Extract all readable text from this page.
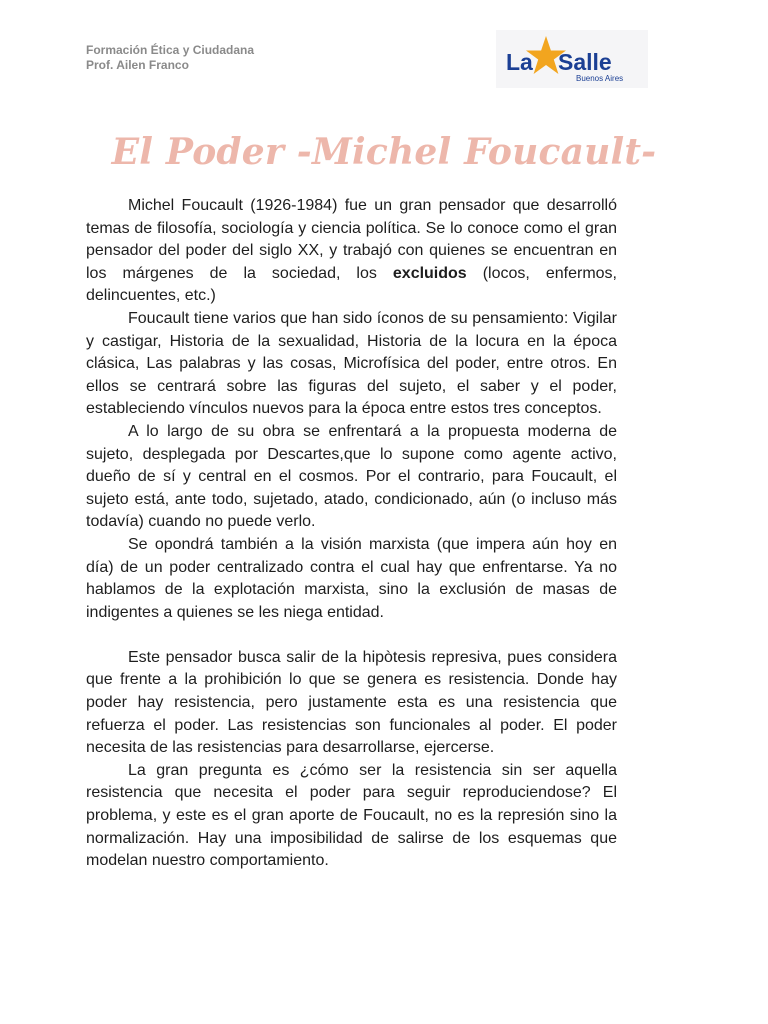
Formación Ética y Ciudadana
Prof. Ailen Franco	La Salle
Buenos Aires
El Poder -Michel Foucault-

Michel Foucault (1926-1984) fue un gran pensador que desarrolló temas de filosofía, sociología y ciencia política. Se lo conoce como el gran pensador del poder del siglo XX, y trabajó con quienes se encuentran en los márgenes de la sociedad, los excluidos (locos, enfermos, delincuentes, etc.)

Foucault tiene varios que han sido íconos de su pensamiento: Vigilar y castigar, Historia de la sexualidad, Historia de la locura en la época clásica, Las palabras y las cosas, Microfísica del poder, entre otros. En ellos se centrará sobre las figuras del sujeto, el saber y el poder, estableciendo vínculos nuevos para la época entre estos tres conceptos.

A lo largo de su obra se enfrentará a la propuesta moderna de sujeto, desplegada por Descartes,que lo supone como agente activo, dueño de sí y central en el cosmos. Por el contrario, para Foucault, el sujeto está, ante todo, sujetado, atado, condicionado, aún (o incluso más todavía) cuando no puede verlo.

Se opondrá también a la visión marxista (que impera aún hoy en día) de un poder centralizado contra el cual hay que enfrentarse. Ya no hablamos de la explotación marxista, sino la exclusión de masas de indigentes a quienes se les niega entidad.

Este pensador busca salir de la hipòtesis represiva, pues considera que frente a la prohibición lo que se genera es resistencia. Donde hay poder hay resistencia, pero justamente esta es una resistencia que refuerza el poder. Las resistencias son funcionales al poder. El poder necesita de las resistencias para desarrollarse, ejercerse.

La gran pregunta es ¿cómo ser la resistencia sin ser aquella resistencia que necesita el poder para seguir reproduciendose? El problema, y este es el gran aporte de Foucault, no es la represión sino la normalización. Hay una imposibilidad de salirse de los esquemas que modelan nuestro comportamiento.
